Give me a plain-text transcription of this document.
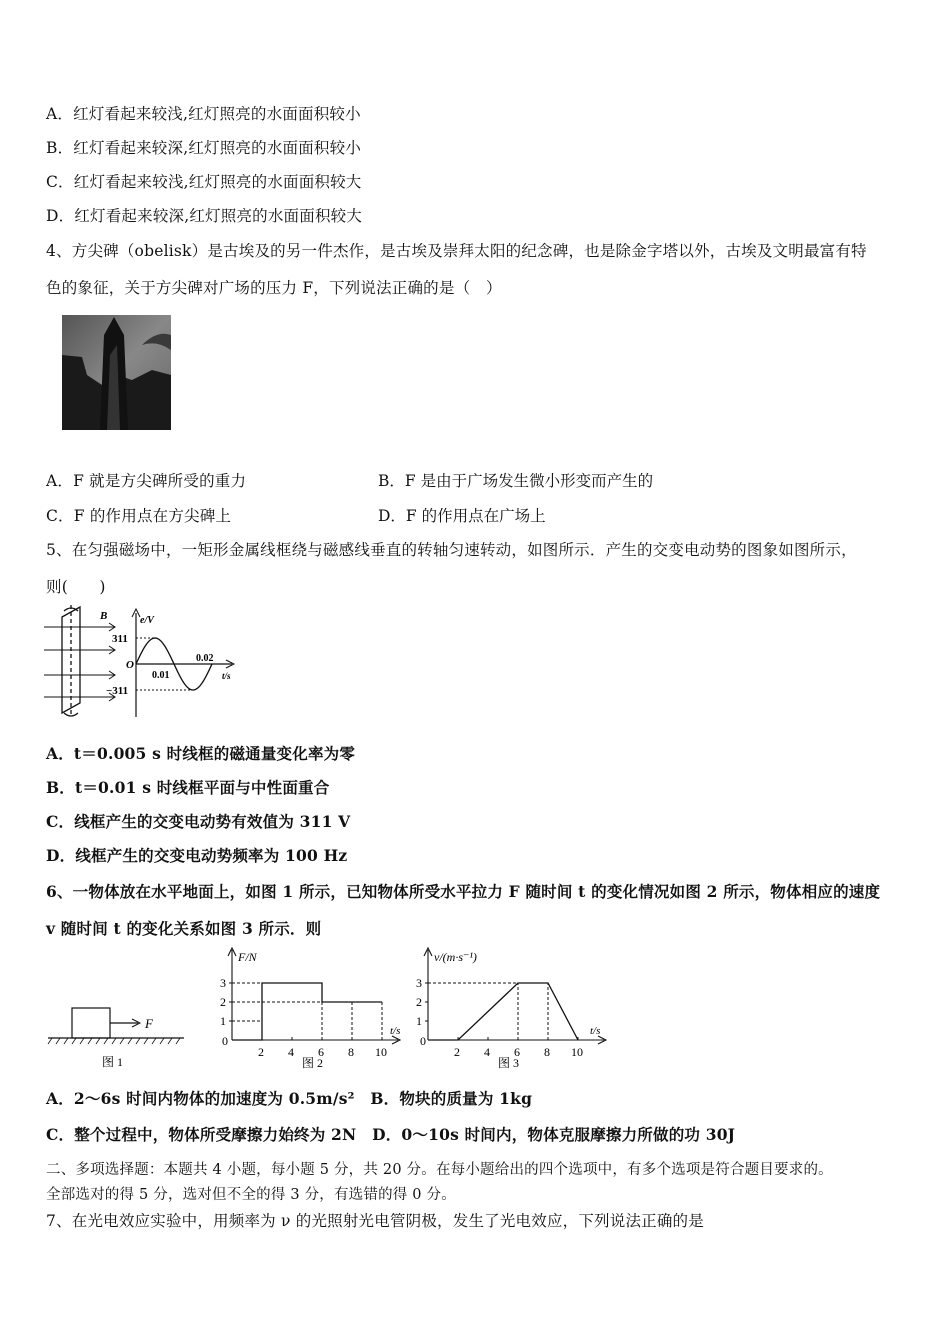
A．红灯看起来较浅,红灯照亮的水面面积较小
B．红灯看起来较深,红灯照亮的水面面积较小
C．红灯看起来较浅,红灯照亮的水面面积较大
D．红灯看起来较深,红灯照亮的水面面积较大
4、方尖碑（obelisk）是古埃及的另一件杰作，是古埃及崇拜太阳的纪念碑，也是除金字塔以外，古埃及文明最富有特
色的象征，关于方尖碑对广场的压力 F，下列说法正确的是（　）
A．F 就是方尖碑所受的重力	B．F 是由于广场发生微小形变而产生的
C．F 的作用点在方尖碑上	D．F 的作用点在广场上
5、在匀强磁场中，一矩形金属线框绕与磁感线垂直的转轴匀速转动，如图所示．产生的交变电动势的图象如图所示，
则(　　)
B	e/V
311
−311
O
0.01
0.02
t/s
A．t＝0.005 s 时线框的磁通量变化率为零
B．t＝0.01 s 时线框平面与中性面重合
C．线框产生的交变电动势有效值为 311 V
D．线框产生的交变电动势频率为 100 Hz
6、一物体放在水平地面上，如图 1 所示，已知物体所受水平拉力 F 随时间 t 的变化情况如图 2 所示，物体相应的速度
v 随时间 t 的变化关系如图 3 所示．则
F
图 1
1
2
3
2 4 6 8 10
F/N
t/s
0
图 2
1
2
3
2 4 6 8 10
v/(m·s⁻¹)
t/s
0
图 3
A．2～6s 时间内物体的加速度为 0.5m/s²　B．物块的质量为 1kg
C．整个过程中，物体所受摩擦力始终为 2N　D．0～10s 时间内，物体克服摩擦力所做的功 30J
二、多项选择题：本题共 4 小题，每小题 5 分，共 20 分。在每小题给出的四个选项中，有多个选项是符合题目要求的。
全部选对的得 5 分，选对但不全的得 3 分，有选错的得 0 分。
7、在光电效应实验中，用频率为 ν 的光照射光电管阴极，发生了光电效应，下列说法正确的是
